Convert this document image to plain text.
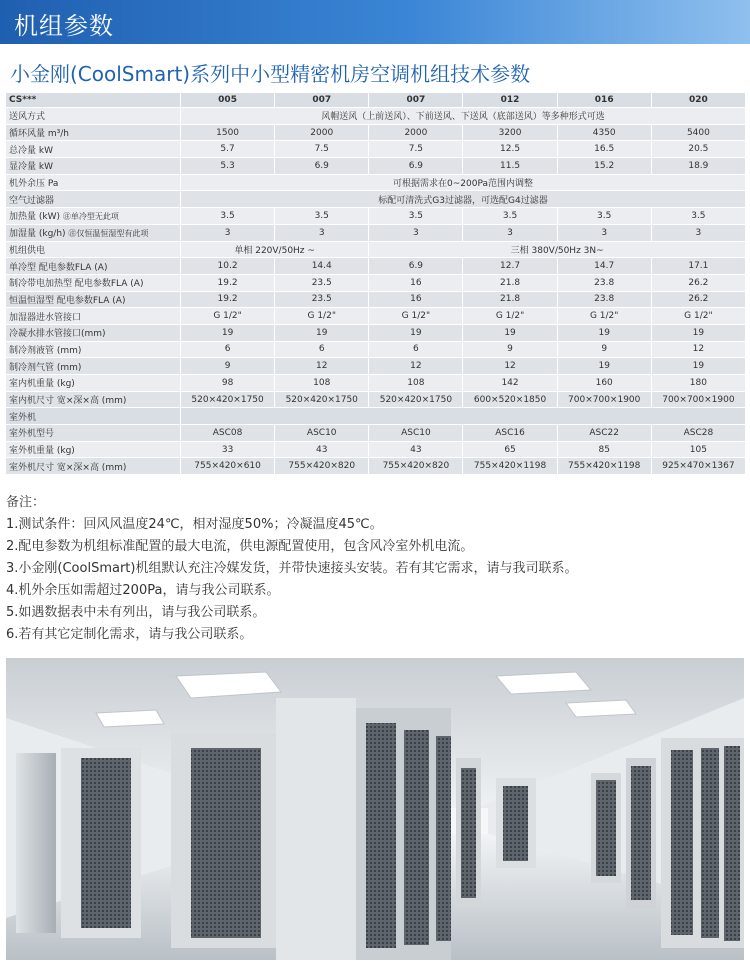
机组参数
小金刚(CoolSmart)系列中小型精密机房空调机组技术参数
CS***	005	007	007	012	016	020
送风方式	风帽送风（上前送风）、下前送风、下送风（底部送风）等多种形式可选					
循环风量 m³/h	1500	2000	2000	3200	4350	5400
总冷量 kW	5.7	7.5	7.5	12.5	16.5	20.5
显冷量 kW	5.3	6.9	6.9	11.5	15.2	18.9
机外余压 Pa	可根据需求在0~200Pa范围内调整					
空气过滤器	标配可清洗式G3过滤器，可选配G4过滤器					
加热量 (kW) ㊟单冷型无此项	3.5	3.5	3.5	3.5	3.5	3.5
加湿量 (kg/h) ㊟仅恒温恒湿型有此项	3	3	3	3	3	3
机组供电	单相 220V/50Hz ~		三相 380V/50Hz 3N~			
单冷型 配电参数FLA (A)	10.2	14.4	6.9	12.7	14.7	17.1
制冷带电加热型 配电参数FLA (A)	19.2	23.5	16	21.8	23.8	26.2
恒温恒湿型 配电参数FLA (A)	19.2	23.5	16	21.8	23.8	26.2
加湿器进水管接口	G 1/2"	G 1/2"	G 1/2"	G 1/2"	G 1/2"	G 1/2"
冷凝水排水管接口(mm)	19	19	19	19	19	19
制冷剂液管 (mm)	6	6	6	9	9	12
制冷剂气管 (mm)	9	12	12	12	19	19
室内机重量 (kg)	98	108	108	142	160	180
室内机尺寸 宽×深×高 (mm)	520×420×1750	520×420×1750	520×420×1750	600×520×1850	700×700×1900	700×700×1900
室外机						
室外机型号	ASC08	ASC10	ASC10	ASC16	ASC22	ASC28
室外机重量 (kg)	33	43	43	65	85	105
室外机尺寸 宽×深×高 (mm)	755×420×610	755×420×820	755×420×820	755×420×1198	755×420×1198	925×470×1367
备注：
1.测试条件：回风风温度24℃，相对湿度50%；冷凝温度45℃。
2.配电参数为机组标准配置的最大电流，供电源配置使用，包含风冷室外机电流。
3.小金刚(CoolSmart)机组默认充注冷媒发货，并带快速接头安装。若有其它需求，请与我司联系。
4.机外余压如需超过200Pa，请与我公司联系。
5.如遇数据表中未有列出，请与我公司联系。
6.若有其它定制化需求，请与我公司联系。
